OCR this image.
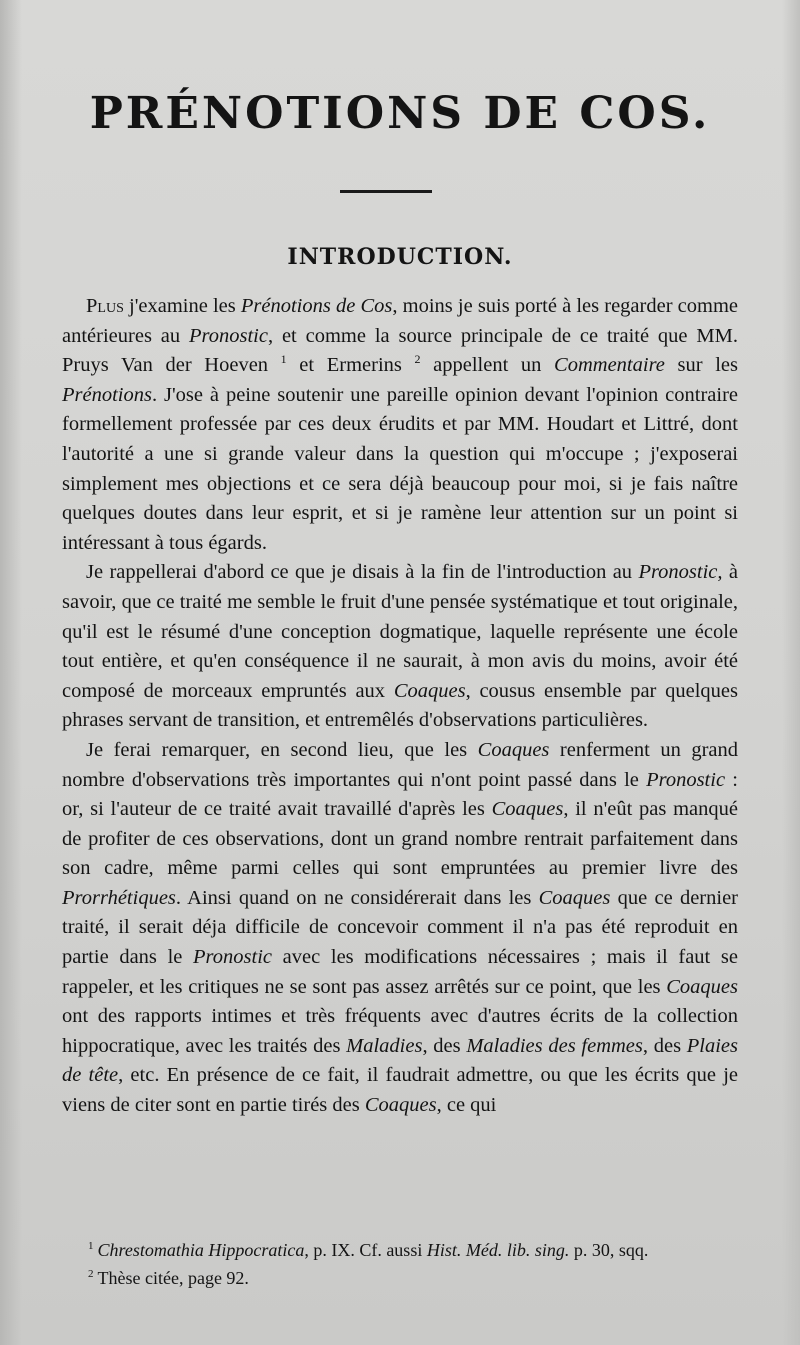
PRÉNOTIONS DE COS.
INTRODUCTION.

Plus j'examine les Prénotions de Cos, moins je suis porté à les regarder comme antérieures au Pronostic, et comme la source principale de ce traité que MM. Pruys Van der Hoeven $^1$ et Ermerins $^2$ appellent un Commentaire sur les Prénotions. J'ose à peine soutenir une pareille opinion devant l'opinion contraire formellement professée par ces deux érudits et par MM. Houdart et Littré, dont l'autorité a une si grande valeur dans la question qui m'occupe ; j'exposerai simplement mes objections et ce sera déjà beaucoup pour moi, si je fais naître quelques doutes dans leur esprit, et si je ramène leur attention sur un point si intéressant à tous égards.

Je rappellerai d'abord ce que je disais à la fin de l'introduction au Pronostic, à savoir, que ce traité me semble le fruit d'une pensée systématique et tout originale, qu'il est le résumé d'une conception dogmatique, laquelle représente une école tout entière, et qu'en conséquence il ne saurait, à mon avis du moins, avoir été composé de morceaux empruntés aux Coaques, cousus ensemble par quelques phrases servant de transition, et entremêlés d'observations particulières.

Je ferai remarquer, en second lieu, que les Coaques renferment un grand nombre d'observations très importantes qui n'ont point passé dans le Pronostic : or, si l'auteur de ce traité avait travaillé d'après les Coaques, il n'eût pas manqué de profiter de ces observations, dont un grand nombre rentrait parfaitement dans son cadre, même parmi celles qui sont empruntées au premier livre des Prorrhétiques. Ainsi quand on ne considérerait dans les Coaques que ce dernier traité, il serait déja difficile de concevoir comment il n'a pas été reproduit en partie dans le Pronostic avec les modifications nécessaires ; mais il faut se rappeler, et les critiques ne se sont pas assez arrêtés sur ce point, que les Coaques ont des rapports intimes et très fréquents avec d'autres écrits de la collection hippocratique, avec les traités des Maladies, des Maladies des femmes, des Plaies de tête, etc. En présence de ce fait, il faudrait admettre, ou que les écrits que je viens de citer sont en partie tirés des Coaques, ce qui

$^1$ Chrestomathia Hippocratica, p. IX. Cf. aussi Hist. Méd. lib. sing. p. 30, sqq.
$^2$ Thèse citée, page 92.
